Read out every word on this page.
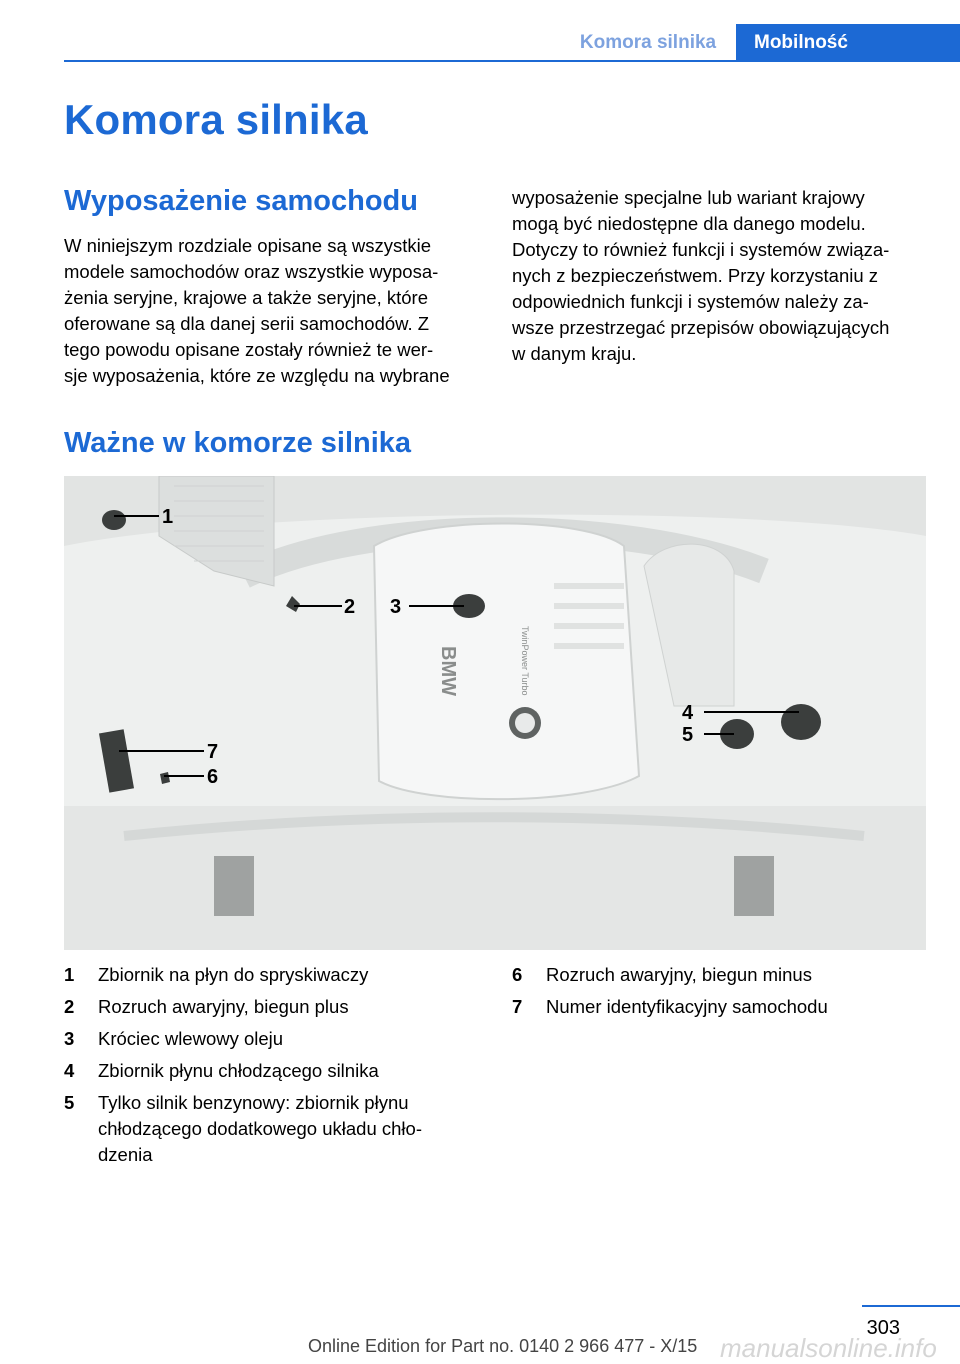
Komora silnika	Mobilność
Komora silnika
Wyposażenie samochodu
W niniejszym rozdziale opisane są wszystkie
modele samochodów oraz wszystkie wyposa‐
żenia seryjne, krajowe a także seryjne, które
oferowane są dla danej serii samochodów. Z
tego powodu opisane zostały również te wer‐
sje wyposażenia, które ze względu na wybrane
wyposażenie specjalne lub wariant krajowy
mogą być niedostępne dla danego modelu.
Dotyczy to również funkcji i systemów związa‐
nych z bezpieczeństwem. Przy korzystaniu z
odpowiednich funkcji i systemów należy za‐
wsze przestrzegać przepisów obowiązujących
w danym kraju.
Ważne w komorze silnika
BMW	TwinPower Turbo
1
2 3
4
5
6
7
1 Zbiornik na płyn do spryskiwaczy
2 Rozruch awaryjny, biegun plus
3 Króciec wlewowy oleju
4 Zbiornik płynu chłodzącego silnika
5 Tylko silnik benzynowy: zbiornik płynu
chłodzącego dodatkowego układu chło‐
dzenia
6 Rozruch awaryjny, biegun minus
7 Numer identyfikacyjny samochodu
303
Online Edition for Part no. 0140 2 966 477 - X/15 manualsonline.info
